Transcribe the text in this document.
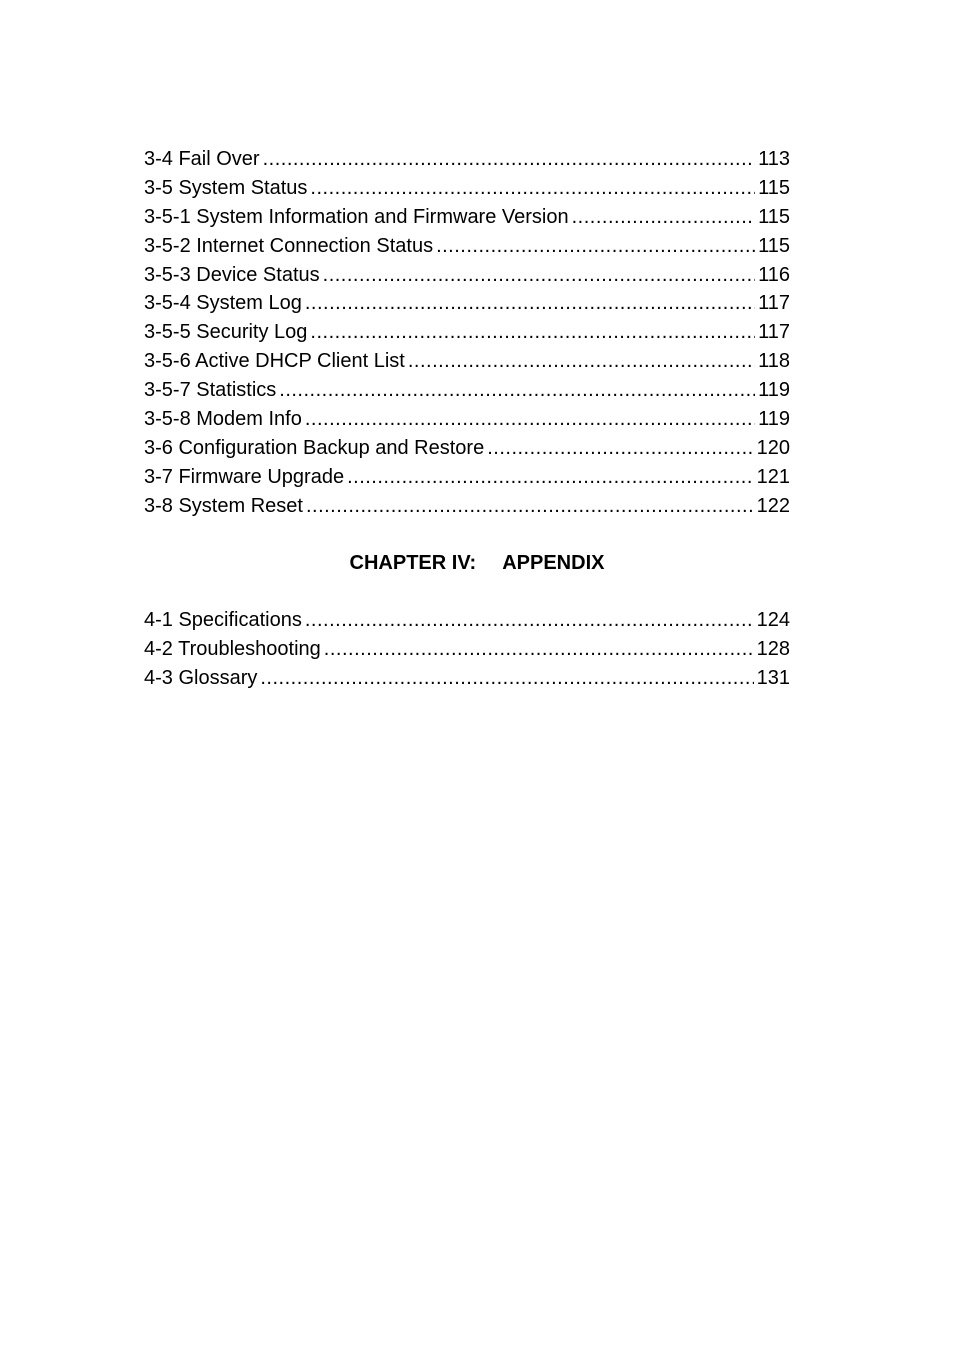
3-4 Fail Over .....	113
3-5 System Status .....	115
3-5-1 System Information and Firmware Version .....	115
3-5-2 Internet Connection Status .....	115
3-5-3 Device Status .....	116
3-5-4 System Log .....	117
3-5-5 Security Log .....	117
3-5-6 Active DHCP Client List .....	118
3-5-7 Statistics .....	119
3-5-8 Modem Info .....	119
3-6 Configuration Backup and Restore .....	120
3-7 Firmware Upgrade .....	121
3-8 System Reset .....	122
CHAPTER IV: APPENDIX
4-1 Specifications .....	124
4-2 Troubleshooting .....	128
4-3 Glossary .....	131
